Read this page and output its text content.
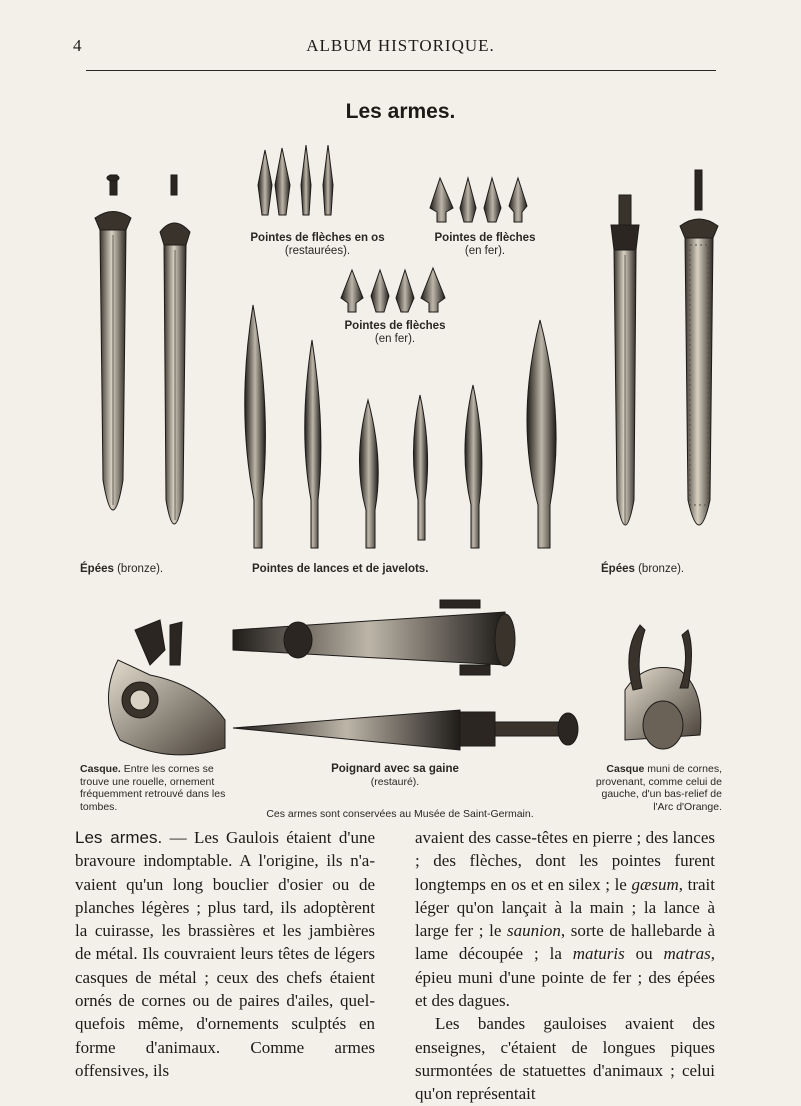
4	ALBUM HISTORIQUE.
Les armes.
Pointes de flèches en os
(restaurées).
Pointes de flèches
(en fer).
Pointes de flèches
(en fer).
Épées (bronze).	Pointes de lances et de javelots.	Épées (bronze).
Casque. Entre les cornes se
trouve une rouelle, ornement
fréquemment retrouvé dans les
tombes.
Poignard avec sa gaine
(restauré).
Casque muni de cornes,
provenant, comme celui de
gauche, d'un bas-relief de
l'Arc d'Orange.
Ces armes sont conservées au Musée de Saint-Germain.

Les armes. — Les Gaulois étaient d'une bravoure indomptable. A l'origine, ils n'a- vaient qu'un long bouclier d'osier ou de planches légères ; plus tard, ils adoptèrent la cuirasse, les brassières et les jambières de métal. Ils couvraient leurs têtes de légers casques de métal ; ceux des chefs étaient ornés de cornes ou de paires d'ailes, quel- quefois même, d'ornements sculptés en forme d'animaux. Comme armes offensives, ils

avaient des casse-têtes en pierre ; des lances ; des flèches, dont les pointes furent longtemps en os et en silex ; le gæsum, trait léger qu'on lançait à la main ; la lance à large fer ; le saunion, sorte de hallebarde à lame découpée ; la maturis ou matras, épieu muni d'une pointe de fer ; des épées et des dagues.

Les bandes gauloises avaient des enseignes, c'étaient de longues piques surmontées de statuettes d'animaux ; celui qu'on représentait
